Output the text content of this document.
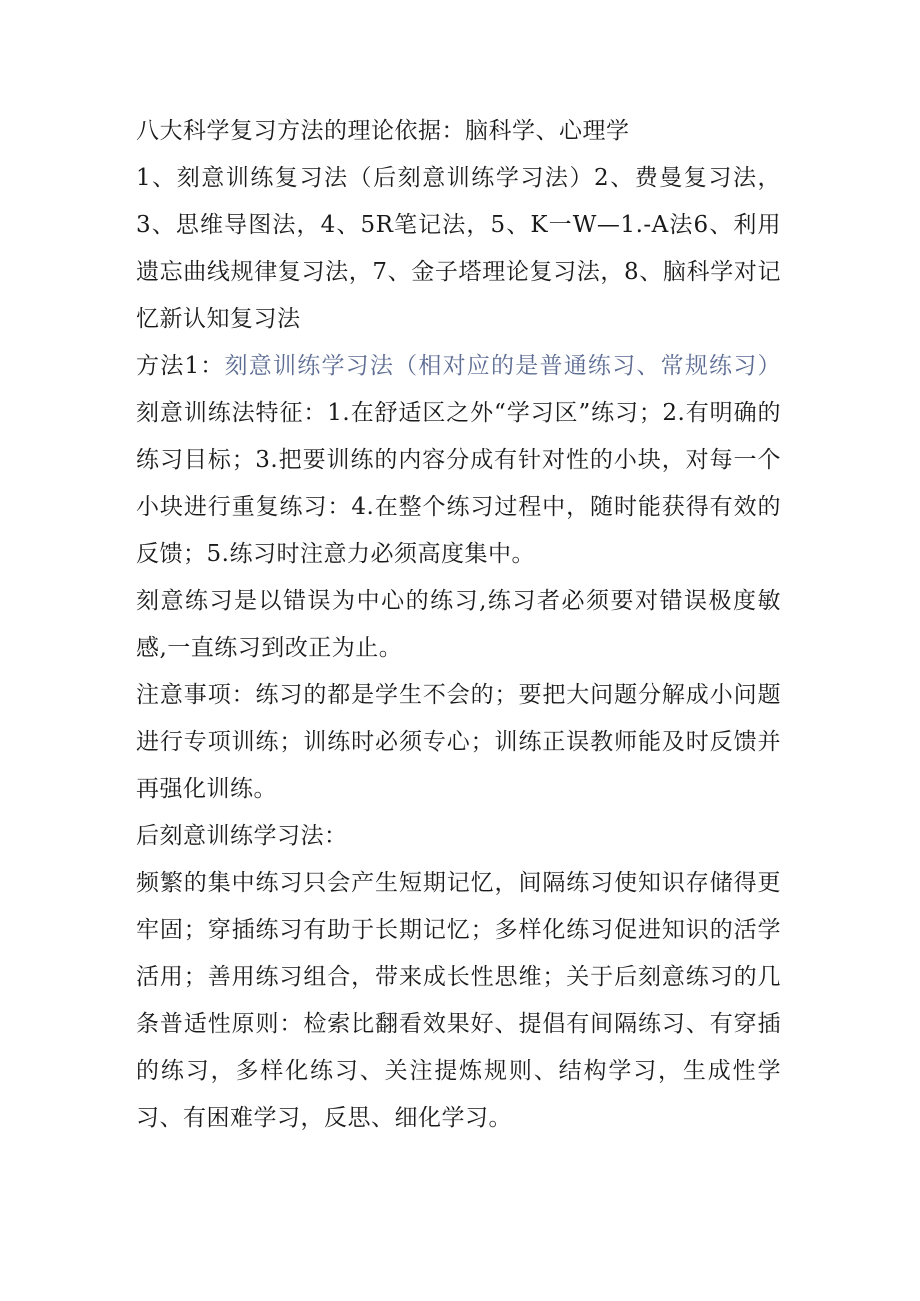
八大科学复习方法的理论依据：脑科学、心理学

1、刻意训练复习法（后刻意训练学习法）2、费曼复习法，3、思维导图法，4、5R笔记法，5、K一W—1.-A法6、利用遗忘曲线规律复习法，7、金子塔理论复习法，8、脑科学对记忆新认知复习法

方法1：刻意训练学习法（相对应的是普通练习、常规练习）刻意训练法特征：1.在舒适区之外“学习区”练习；2.有明确的练习目标；3.把要训练的内容分成有针对性的小块，对每一个小块进行重复练习：4.在整个练习过程中，随时能获得有效的反馈；5.练习时注意力必须高度集中。

刻意练习是以错误为中心的练习,练习者必须要对错误极度敏感,一直练习到改正为止。

注意事项：练习的都是学生不会的；要把大问题分解成小问题进行专项训练；训练时必须专心；训练正误教师能及时反馈并再强化训练。

后刻意训练学习法：

频繁的集中练习只会产生短期记忆，间隔练习使知识存储得更牢固；穿插练习有助于长期记忆；多样化练习促进知识的活学活用；善用练习组合，带来成长性思维；关于后刻意练习的几条普适性原则：检索比翻看效果好、提倡有间隔练习、有穿插的练习，多样化练习、关注提炼规则、结构学习，生成性学习、有困难学习，反思、细化学习。
